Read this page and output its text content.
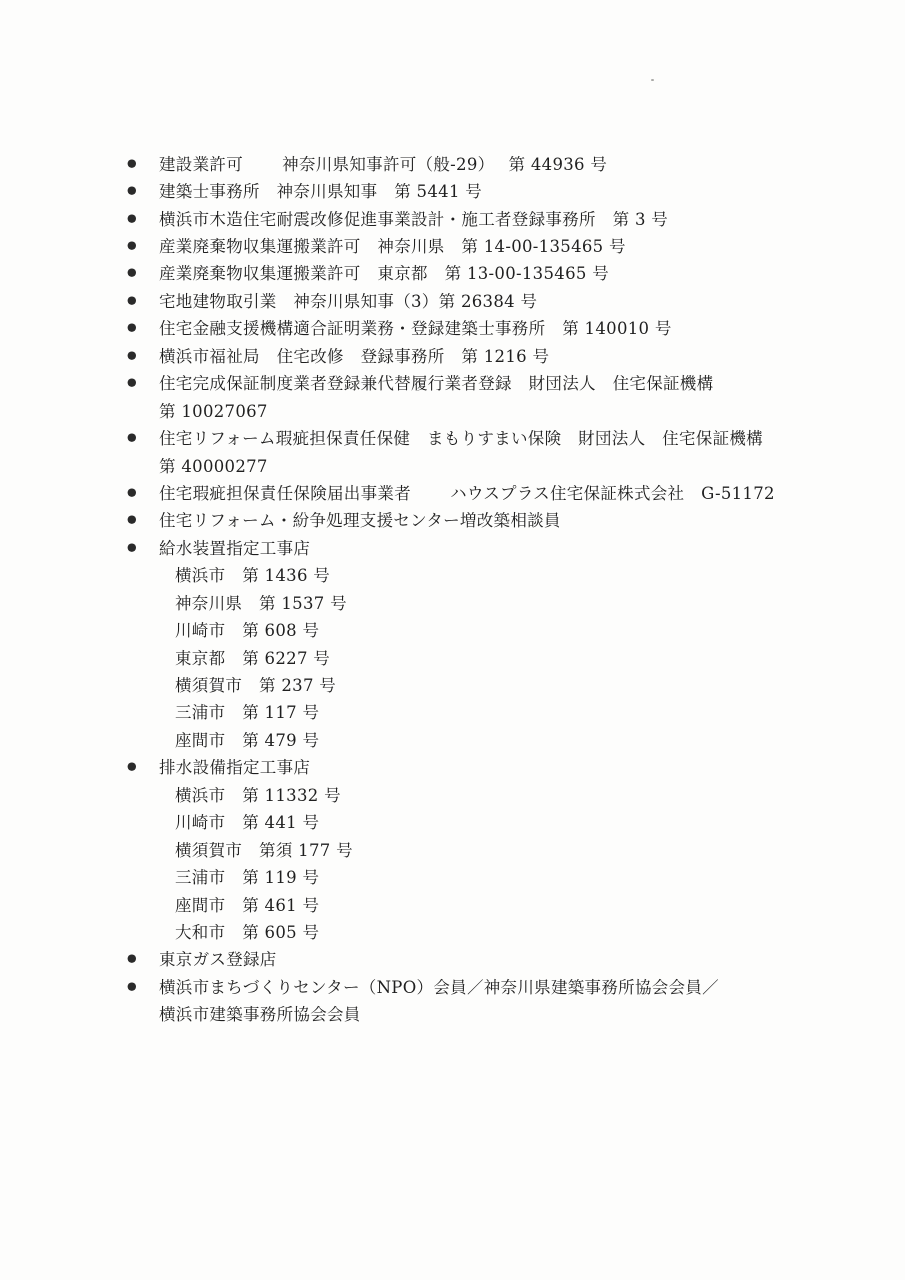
● 建設業許可　　 神奈川県知事許可（般-29）　 第 44936 号
● 建築士事務所　神奈川県知事　第 5441 号
● 横浜市木造住宅耐震改修促進事業設計・施工者登録事務所　第 3 号
● 産業廃棄物収集運搬業許可　神奈川県　第 14-00-135465 号
● 産業廃棄物収集運搬業許可　東京都　第 13-00-135465 号
● 宅地建物取引業　神奈川県知事（3）第 26384 号
● 住宅金融支援機構適合証明業務・登録建築士事務所　第 140010 号
● 横浜市福祉局　住宅改修　登録事務所　第 1216 号
● 住宅完成保証制度業者登録兼代替履行業者登録　財団法人　住宅保証機構
第 10027067
● 住宅リフォーム瑕疵担保責任保健　まもりすまい保険　財団法人　住宅保証機構
第 40000277
● 住宅瑕疵担保責任保険届出事業者　　 ハウスプラス住宅保証株式会社　G-51172
● 住宅リフォーム・紛争処理支援センター増改築相談員
● 給水装置指定工事店
横浜市　第 1436 号
神奈川県　第 1537 号
川崎市　第 608 号
東京都　第 6227 号
横須賀市　第 237 号
三浦市　第 117 号
座間市　第 479 号
● 排水設備指定工事店
横浜市　第 11332 号
川崎市　第 441 号
横須賀市　第須 177 号
三浦市　第 119 号
座間市　第 461 号
大和市　第 605 号
● 東京ガス登録店
● 横浜市まちづくりセンター（NPO）会員／神奈川県建築事務所協会会員／
横浜市建築事務所協会会員
